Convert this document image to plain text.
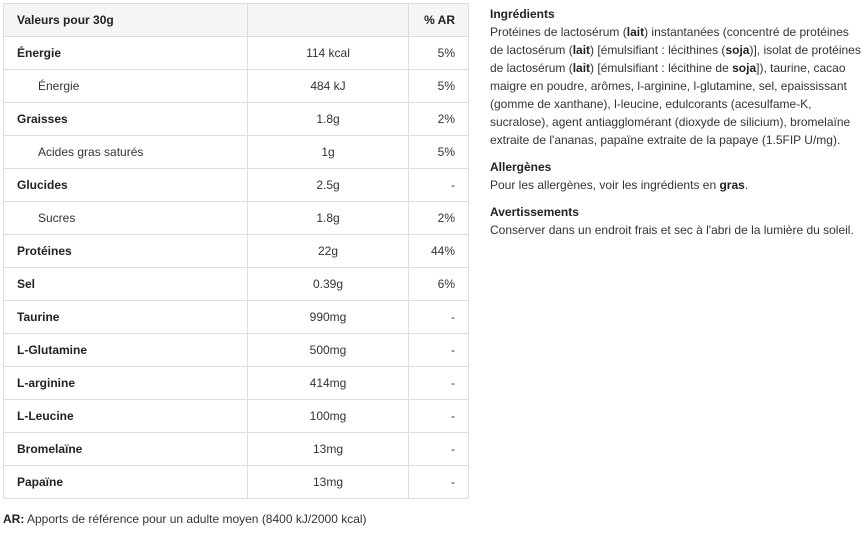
Valeurs pour 30g		% AR
Énergie	114 kcal	5%
Énergie	484 kJ	5%
Graisses	1.8g	2%
Acides gras saturés	1g	5%
Glucides	2.5g	-
Sucres	1.8g	2%
Protéines	22g	44%
Sel	0.39g	6%
Taurine	990mg	-
L-Glutamine	500mg	-
L-arginine	414mg	-
L-Leucine	100mg	-
Bromelaïne	13mg	-
Papaïne	13mg	-
AR: Apports de référence pour un adulte moyen (8400 kJ/2000 kcal)
Ingrédients

Protéines de lactosérum (lait) instantanées (concentré de protéines de lactosérum (lait) [émulsifiant : lécithines (soja)], isolat de protéines de lactosérum (lait) [émulsifiant : lécithine de soja]), taurine, cacao maigre en poudre, arômes, l-arginine, l-glutamine, sel, epaississant (gomme de xanthane), l-leucine, edulcorants (acesulfame-K, sucralose), agent antiagglomérant (dioxyde de silicium), bromelaïne extraite de l'ananas, papaïne extraite de la papaye (1.5FIP U/mg).

Allergènes

Pour les allergènes, voir les ingrédients en gras.

Avertissements

Conserver dans un endroit frais et sec à l'abri de la lumière du soleil.
